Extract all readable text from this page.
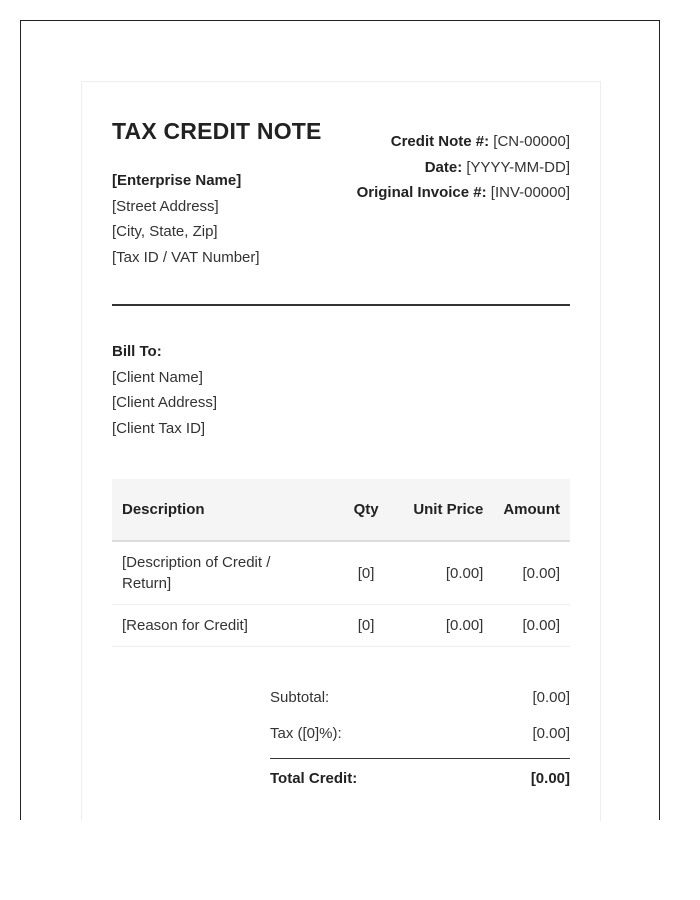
TAX CREDIT NOTE
[Enterprise Name]
[Street Address]
[City, State, Zip]
[Tax ID / VAT Number]
Credit Note #: [CN-00000]
Date: [YYYY-MM-DD]
Original Invoice #: [INV-00000]
Bill To:
[Client Name]
[Client Address]
[Client Tax ID]
Description	Qty	Unit Price	Amount
[Description of Credit / Return]	[0]	[0.00]	[0.00]
[Reason for Credit]	[0]	[0.00]	[0.00]
Subtotal:	[0.00]
Tax ([0]%):	[0.00]
Total Credit:	[0.00]
